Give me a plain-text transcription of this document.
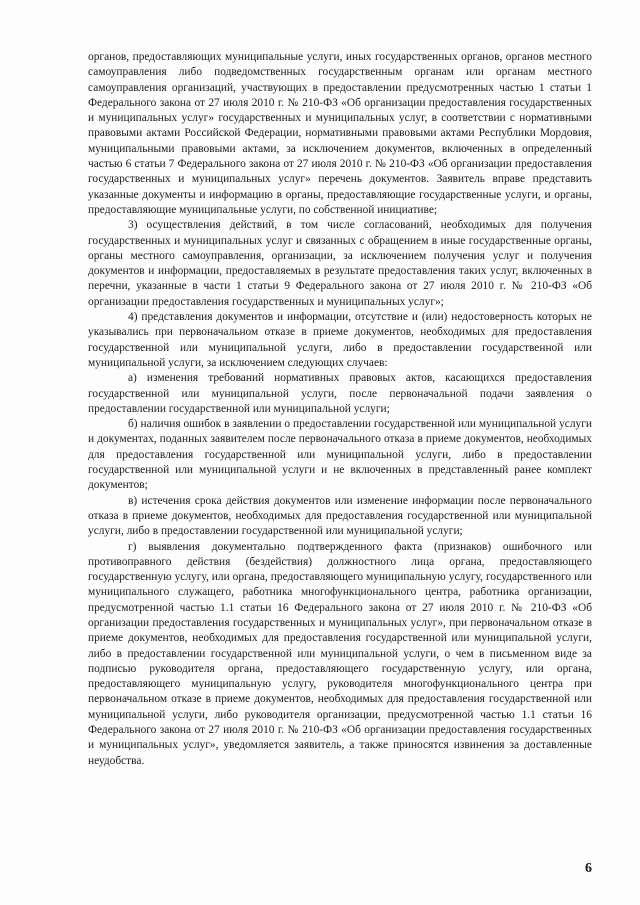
органов, предоставляющих муниципальные услуги, иных государственных органов, органов местного самоуправления либо подведомственных государственным органам или органам местного самоуправления организаций, участвующих в предоставлении предусмотренных частью 1 статьи 1 Федерального закона от 27 июля 2010 г. № 210-ФЗ «Об организации предоставления государственных и муниципальных услуг» государственных и муниципальных услуг, в соответствии с нормативными правовыми актами Российской Федерации, нормативными правовыми актами Республики Мордовия, муниципальными правовыми актами, за исключением документов, включенных в определенный частью 6 статьи 7 Федерального закона от 27 июля 2010 г. № 210-ФЗ «Об организации предоставления государственных и муниципальных услуг» перечень документов. Заявитель вправе представить указанные документы и информацию в органы, предоставляющие государственные услуги, и органы, предоставляющие муниципальные услуги, по собственной инициативе;

3) осуществления действий, в том числе согласований, необходимых для получения государственных и муниципальных услуг и связанных с обращением в иные государственные органы, органы местного самоуправления, организации, за исключением получения услуг и получения документов и информации, предоставляемых в результате предоставления таких услуг, включенных в перечни, указанные в части 1 статьи 9 Федерального закона от 27 июля 2010 г. № 210-ФЗ «Об организации предоставления государственных и муниципальных услуг»;

4) представления документов и информации, отсутствие и (или) недостоверность которых не указывались при первоначальном отказе в приеме документов, необходимых для предоставления государственной или муниципальной услуги, либо в предоставлении государственной или муниципальной услуги, за исключением следующих случаев:

а) изменения требований нормативных правовых актов, касающихся предоставления государственной или муниципальной услуги, после первоначальной подачи заявления о предоставлении государственной или муниципальной услуги;

б) наличия ошибок в заявлении о предоставлении государственной или муниципальной услуги и документах, поданных заявителем после первоначального отказа в приеме документов, необходимых для предоставления государственной или муниципальной услуги, либо в предоставлении государственной или муниципальной услуги и не включенных в представленный ранее комплект документов;

в) истечения срока действия документов или изменение информации после первоначального отказа в приеме документов, необходимых для предоставления государственной или муниципальной услуги, либо в предоставлении государственной или муниципальной услуги;

г) выявления документально подтвержденного факта (признаков) ошибочного или противоправного действия (бездействия) должностного лица органа, предоставляющего государственную услугу, или органа, предоставляющего муниципальную услугу, государственного или муниципального служащего, работника многофункционального центра, работника организации, предусмотренной частью 1.1 статьи 16 Федерального закона от 27 июля 2010 г. № 210-ФЗ «Об организации предоставления государственных и муниципальных услуг», при первоначальном отказе в приеме документов, необходимых для предоставления государственной или муниципальной услуги, либо в предоставлении государственной или муниципальной услуги, о чем в письменном виде за подписью руководителя органа, предоставляющего государственную услугу, или органа, предоставляющего муниципальную услугу, руководителя многофункционального центра при первоначальном отказе в приеме документов, необходимых для предоставления государственной или муниципальной услуги, либо руководителя организации, предусмотренной частью 1.1 статьи 16 Федерального закона от 27 июля 2010 г. № 210-ФЗ «Об организации предоставления государственных и муниципальных услуг», уведомляется заявитель, а также приносятся извинения за доставленные неудобства.

6
